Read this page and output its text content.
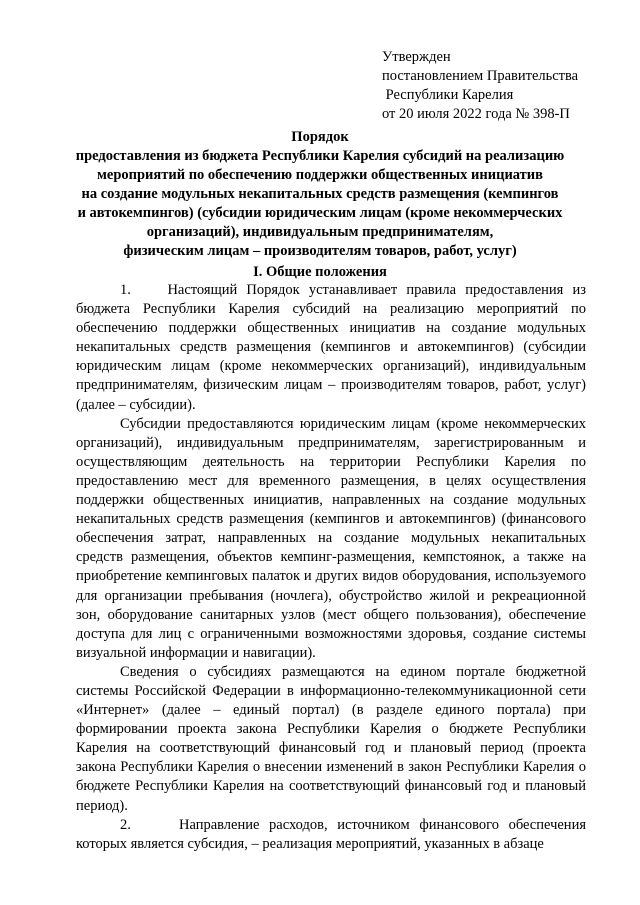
Утвержден
постановлением Правительства
Республики Карелия
от 20 июля 2022 года № 398-П
Порядок
предоставления из бюджета Республики Карелия субсидий на реализацию
мероприятий по обеспечению поддержки общественных инициатив
на создание модульных некапитальных средств размещения (кемпингов
и автокемпингов) (субсидии юридическим лицам (кроме некоммерческих
организаций), индивидуальным предпринимателям,
физическим лицам – производителям товаров, работ, услуг)
I. Общие положения

1.    Настоящий Порядок устанавливает правила предоставления из бюджета Республики Карелия субсидий на реализацию мероприятий по обеспечению поддержки общественных инициатив на создание модульных некапитальных средств размещения (кемпингов и автокемпингов) (субсидии юридическим лицам (кроме некоммерческих организаций), индивидуальным предпринимателям, физическим лицам – производителям товаров, работ, услуг) (далее – субсидии).

Субсидии предоставляются юридическим лицам (кроме некоммерческих организаций), индивидуальным предпринимателям, зарегистрированным и осуществляющим деятельность на территории Республики Карелия по предоставлению мест для временного размещения, в целях осуществления поддержки общественных инициатив, направленных на создание модульных некапитальных средств размещения (кемпингов и автокемпингов) (финансового обеспечения затрат, направленных на создание модульных некапитальных средств размещения, объектов кемпинг-размещения, кемпстоянок, а также на приобретение кемпинговых палаток и других видов оборудования, используемого для организации пребывания (ночлега), обустройство жилой и рекреационной зон, оборудование санитарных узлов (мест общего пользования), обеспечение доступа для лиц с ограниченными возможностями здоровья, создание системы визуальной информации и навигации).

Сведения о субсидиях размещаются на едином портале бюджетной системы Российской Федерации в информационно-телекоммуникационной сети «Интернет» (далее – единый портал) (в разделе единого портала) при формировании проекта закона Республики Карелия о бюджете Республики Карелия на соответствующий финансовый год и плановый период (проекта закона Республики Карелия о внесении изменений в закон Республики Карелия о бюджете Республики Карелия на соответствующий финансовый год и плановый период).

2.     Направление расходов, источником финансового обеспечения которых является субсидия, – реализация мероприятий, указанных в абзаце
